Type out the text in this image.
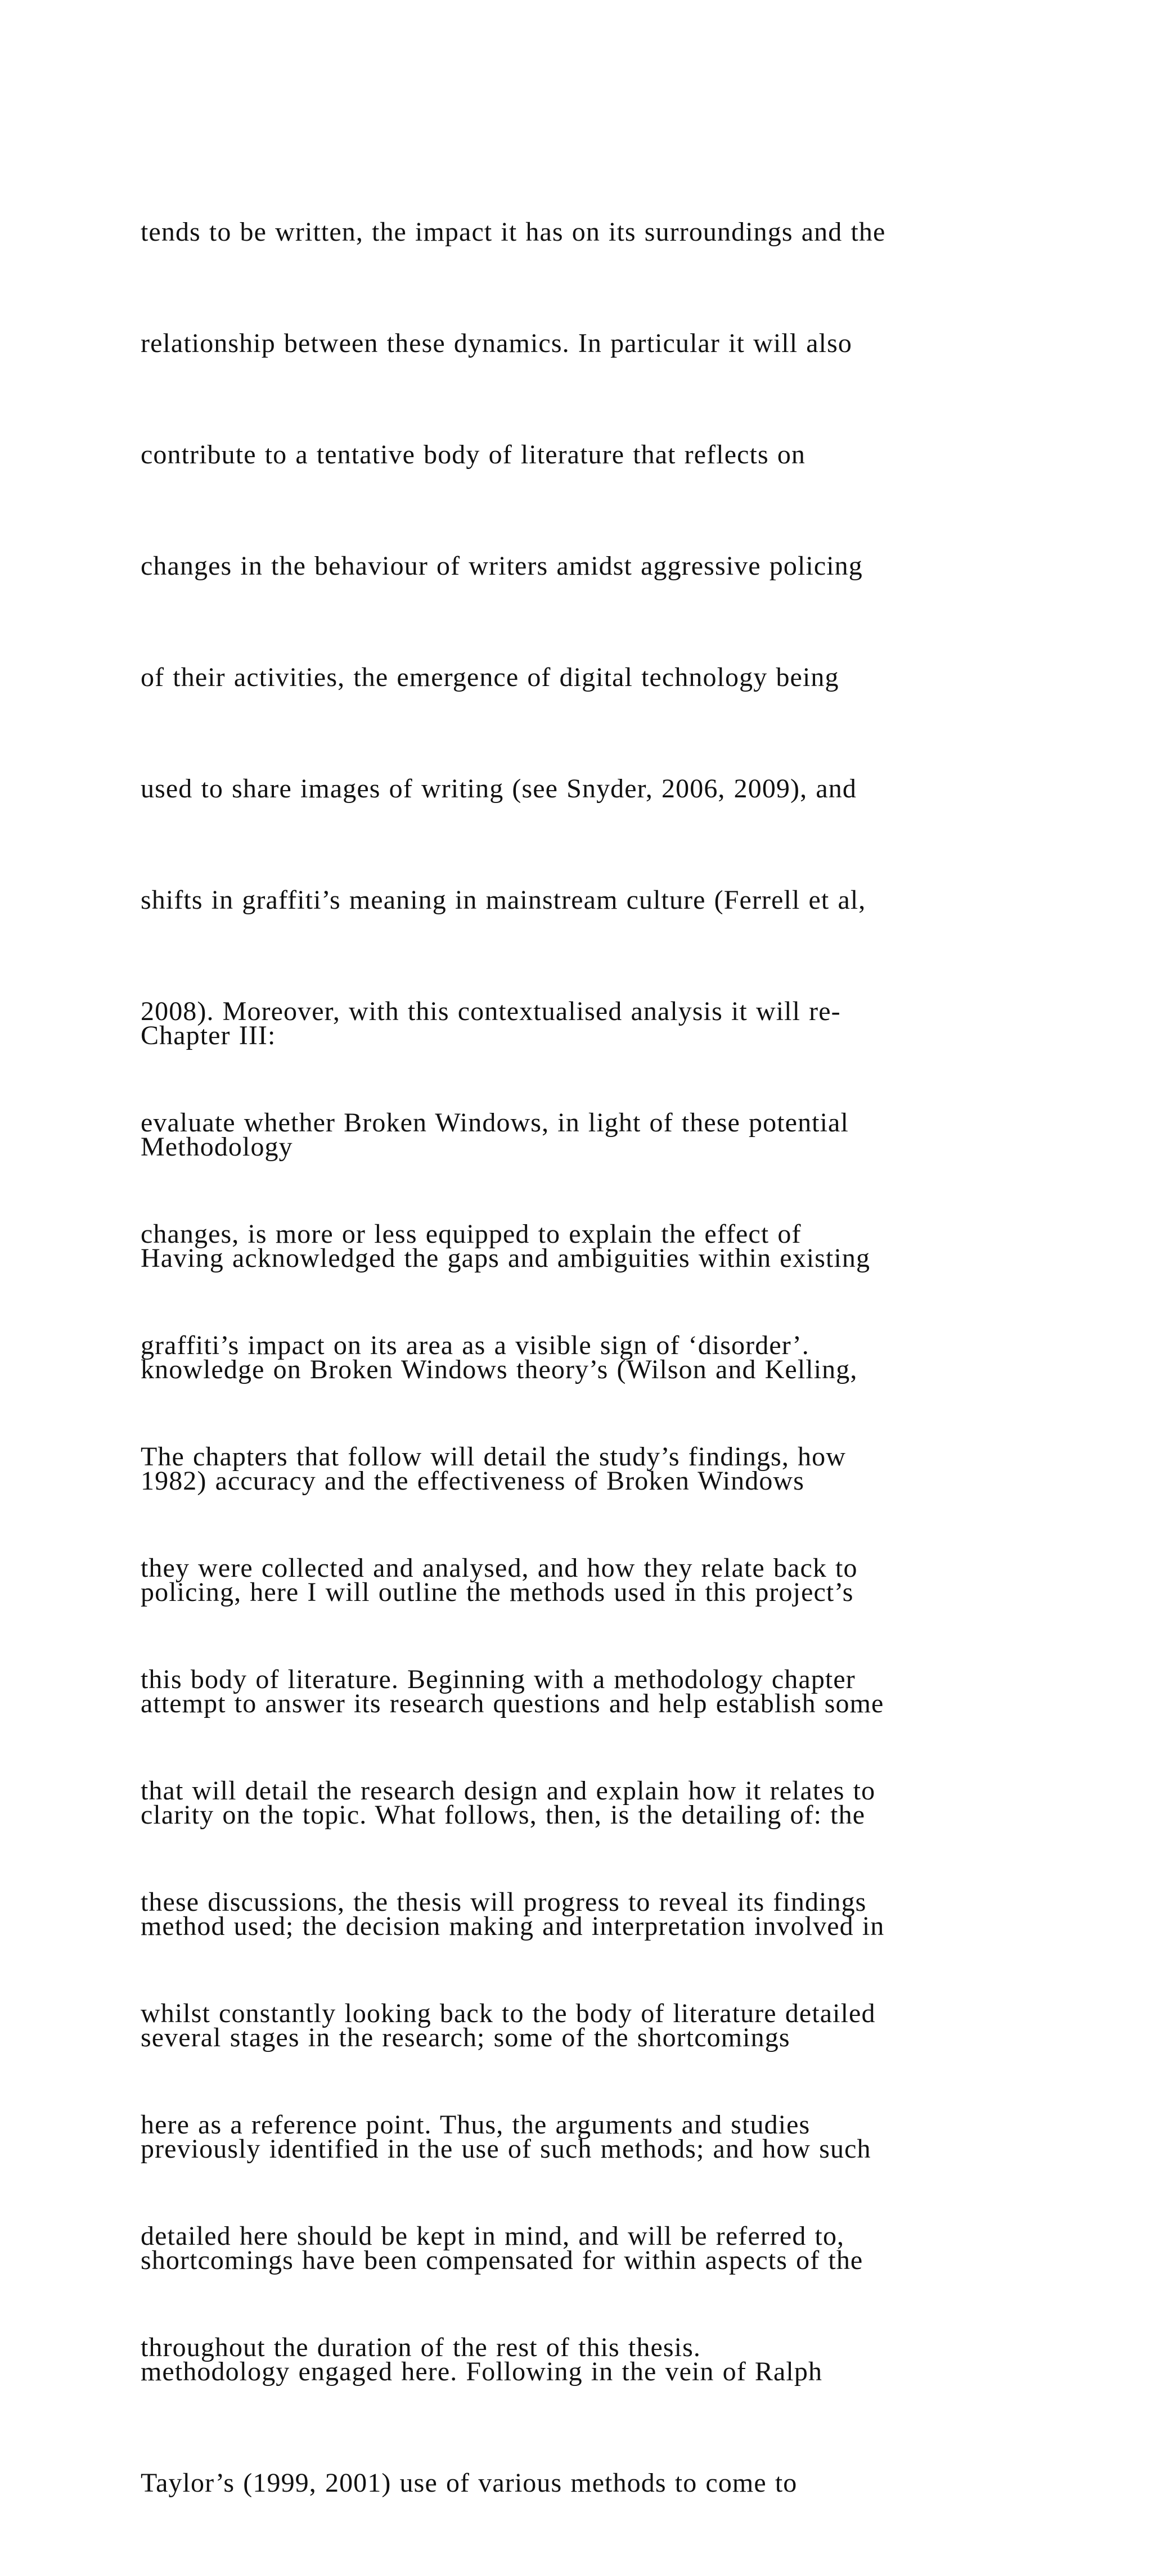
tends to be written, the impact it has on its surroundings and the

relationship between these dynamics. In particular it will also

contribute to a tentative body of literature that reflects on

changes in the behaviour of writers amidst aggressive policing

of their activities, the emergence of digital technology being

used to share images of writing (see Snyder, 2006, 2009), and

shifts in graffiti’s meaning in mainstream culture (Ferrell et al,

2008). Moreover, with this contextualised analysis it will re-

evaluate whether Broken Windows, in light of these potential

changes, is more or less equipped to explain the effect of

graffiti’s impact on its area as a visible sign of ‘disorder’.

The chapters that follow will detail the study’s findings, how

they were collected and analysed, and how they relate back to

this body of literature. Beginning with a methodology chapter

that will detail the research design and explain how it relates to

these discussions, the thesis will progress to reveal its findings

whilst constantly looking back to the body of literature detailed

here as a reference point. Thus, the arguments and studies

detailed here should be kept in mind, and will be referred to,

throughout the duration of the rest of this thesis.

Chapter III:

Methodology

Having acknowledged the gaps and ambiguities within existing

knowledge on Broken Windows theory’s (Wilson and Kelling,

1982) accuracy and the effectiveness of Broken Windows

policing, here I will outline the methods used in this project’s

attempt to answer its research questions and help establish some

clarity on the topic. What follows, then, is the detailing of: the

method used; the decision making and interpretation involved in

several stages in the research; some of the shortcomings

previously identified in the use of such methods; and how such

shortcomings have been compensated for within aspects of the

methodology engaged here. Following in the vein of Ralph

Taylor’s (1999, 2001) use of various methods to come to
